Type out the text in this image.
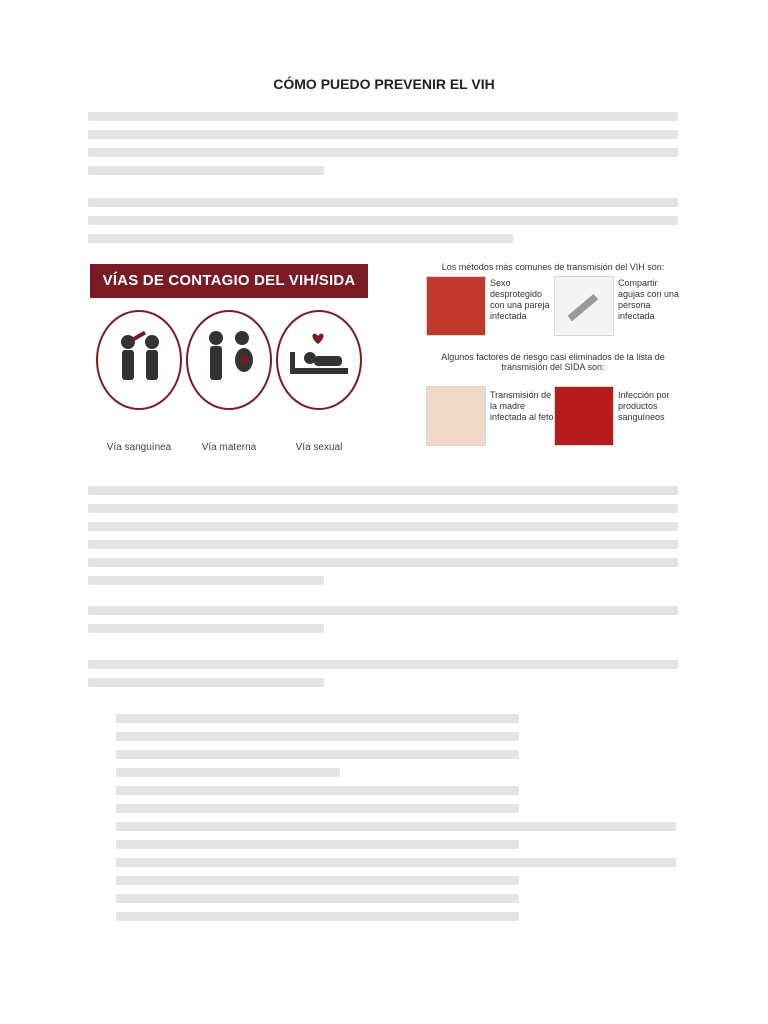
CÓMO PUEDO PREVENIR EL VIH
VÍAS DE CONTAGIO DEL VIH/SIDA
Vía sanguínea	Vía materna	Vía sexual
Los métodos más comunes de transmisión del VIH son:
Sexo desprotegido con una pareja infectada
Compartir agujas con una persona infectada
Algunos factores de riesgo casi eliminados de la lista de transmisión del SIDA son:
Transmisión de la madre infectada al feto
Infección por productos sanguíneos
